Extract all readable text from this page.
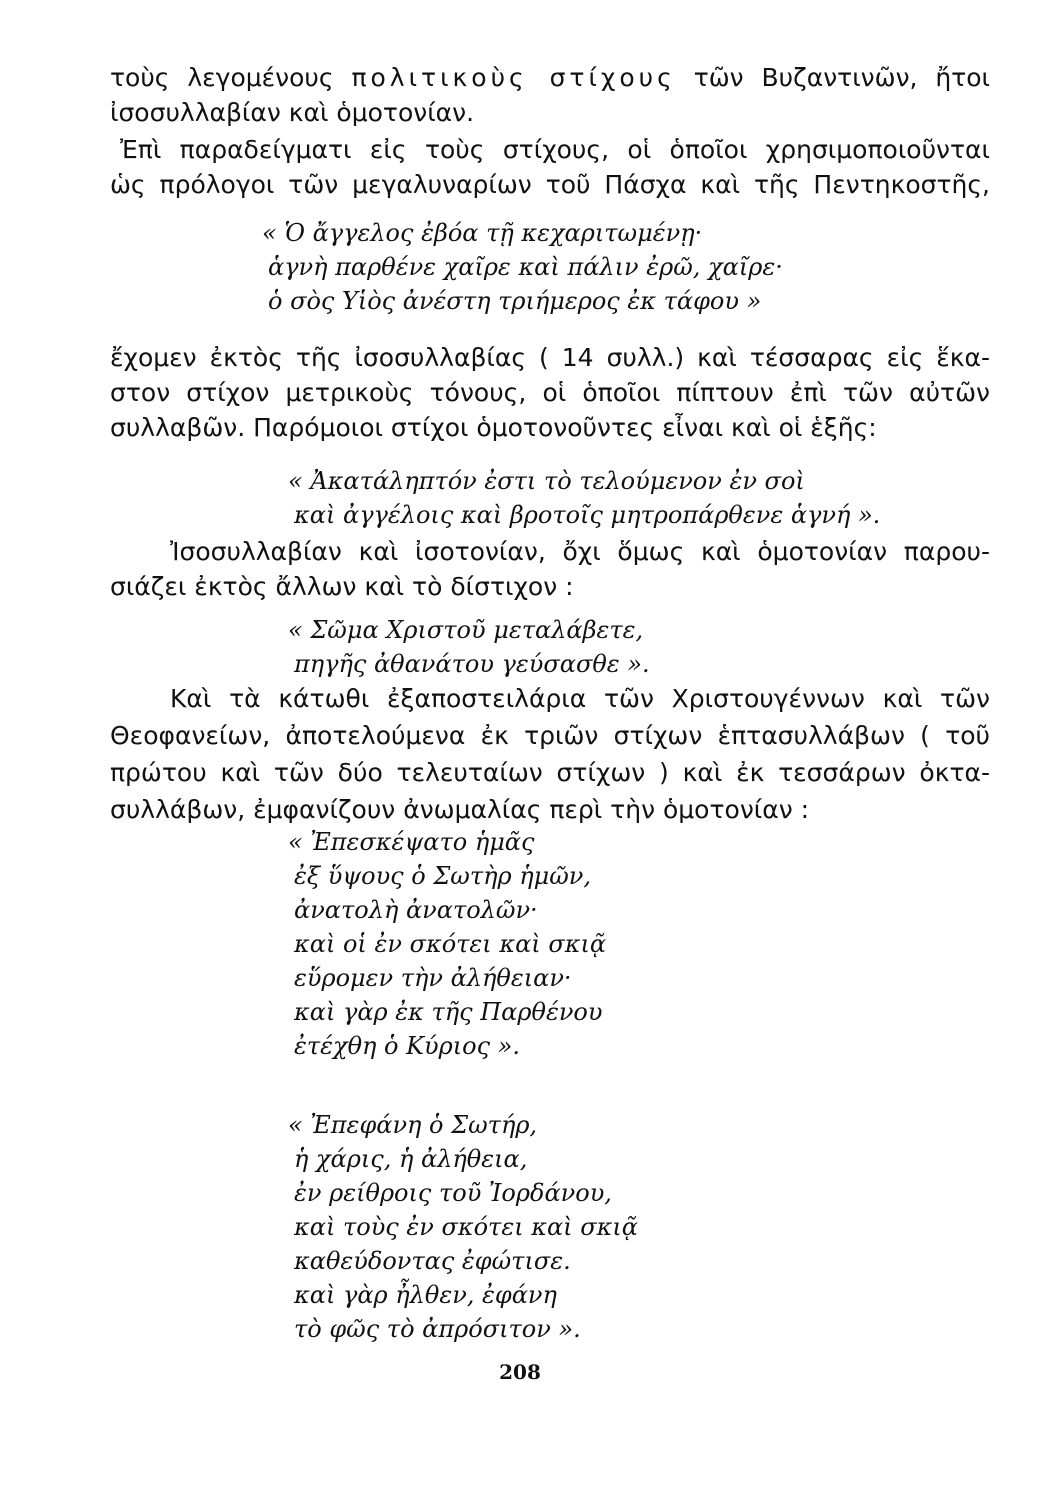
τοὺς λεγομένους πολιτικοὺς στίχους τῶν Βυζαντινῶν, ἤτοι
ἰσοσυλλαβίαν καὶ ὁμοτονίαν.
Ἐπὶ παραδείγματι εἰς τοὺς στίχους, οἱ ὁποῖοι χρησιμοποιοῦνται
ὡς πρόλογοι τῶν μεγαλυναρίων τοῦ Πάσχα καὶ τῆς Πεντηκοστῆς,
« Ὁ ἄγγελος ἐβόα τῇ κεχαριτωμένῃ·
ἁγνὴ παρθένε χαῖρε καὶ πάλιν ἐρῶ, χαῖρε·
ὁ σὸς Υἱὸς ἀνέστη τριήμερος ἐκ τάφου »
ἔχομεν ἐκτὸς τῆς ἰσοσυλλαβίας ( 14 συλλ.) καὶ τέσσαρας εἰς ἕκα-
στον στίχον μετρικοὺς τόνους, οἱ ὁποῖοι πίπτουν ἐπὶ τῶν αὐτῶν
συλλαβῶν. Παρόμοιοι στίχοι ὁμοτονοῦντες εἶναι καὶ οἱ ἑξῆς:
« Ἀκατάληπτόν ἐστι τὸ τελούμενον ἐν σοὶ
καὶ ἀγγέλοις καὶ βροτοῖς μητροπάρθενε ἁγνή ».
Ἰσοσυλλαβίαν καὶ ἰσοτονίαν, ὄχι ὅμως καὶ ὁμοτονίαν παρου-
σιάζει ἐκτὸς ἄλλων καὶ τὸ δίστιχον :
« Σῶμα Χριστοῦ μεταλάβετε,
πηγῆς ἀθανάτου γεύσασθε ».
Καὶ τὰ κάτωθι ἐξαποστειλάρια τῶν Χριστουγέννων καὶ τῶν
Θεοφανείων, ἀποτελούμενα ἐκ τριῶν στίχων ἑπτασυλλάβων ( τοῦ
πρώτου καὶ τῶν δύο τελευταίων στίχων ) καὶ ἐκ τεσσάρων ὀκτα-
συλλάβων, ἐμφανίζουν ἀνωμαλίας περὶ τὴν ὁμοτονίαν :
« Ἐπεσκέψατο ἡμᾶς
ἐξ ὕψους ὁ Σωτὴρ ἡμῶν,
ἀνατολὴ ἀνατολῶν·
καὶ οἱ ἐν σκότει καὶ σκιᾷ
εὕρομεν τὴν ἀλήθειαν·
καὶ γὰρ ἐκ τῆς Παρθένου
ἐτέχθη ὁ Κύριος ».
« Ἐπεφάνη ὁ Σωτήρ,
ἡ χάρις, ἡ ἀλήθεια,
ἐν ρείθροις τοῦ Ἰορδάνου,
καὶ τοὺς ἐν σκότει καὶ σκιᾷ
καθεύδοντας ἐφώτισε.
καὶ γὰρ ἦλθεν, ἐφάνη
τὸ φῶς τὸ ἀπρόσιτον ».
208
